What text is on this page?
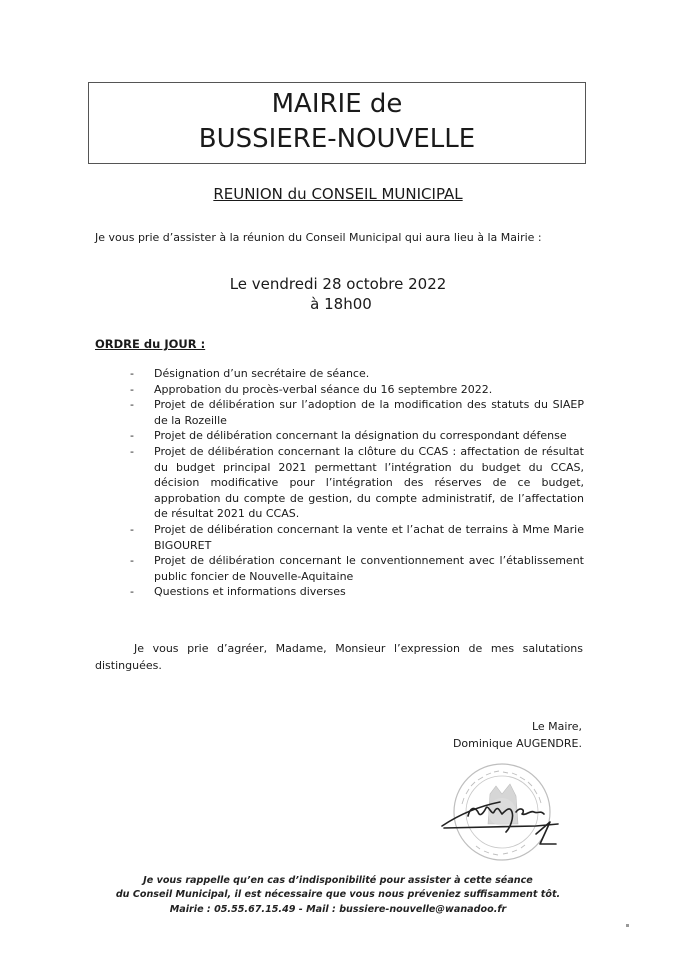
MAIRIE de
BUSSIERE-NOUVELLE
REUNION du CONSEIL MUNICIPAL
Je vous prie d’assister à la réunion du Conseil Municipal qui aura lieu à la Mairie :
Le vendredi 28 octobre 2022
à 18h00
ORDRE du JOUR :
- Désignation d’un secrétaire de séance.
- Approbation du procès-verbal séance du 16 septembre 2022.
- Projet de délibération sur l’adoption de la modification des statuts du SIAEP de la Rozeille
- Projet de délibération concernant la désignation du correspondant défense
- Projet de délibération concernant la clôture du CCAS : affectation de résultat du budget principal 2021 permettant l’intégration du budget du CCAS, décision modificative pour l’intégration des réserves de ce budget, approbation du compte de gestion, du compte administratif, de l’affectation de résultat 2021 du CCAS.
- Projet de délibération concernant la vente et l’achat de terrains à Mme Marie BIGOURET
- Projet de délibération concernant le conventionnement avec l’établissement public foncier de Nouvelle-Aquitaine
- Questions et informations diverses
Je vous prie d’agréer, Madame, Monsieur l’expression de mes salutations distinguées.
Le Maire,
Dominique AUGENDRE.
Je vous rappelle qu’en cas d’indisponibilité pour assister à cette séance
du Conseil Municipal, il est nécessaire que vous nous préveniez suffisamment tôt.
Mairie : 05.55.67.15.49 - Mail : bussiere-nouvelle@wanadoo.fr
